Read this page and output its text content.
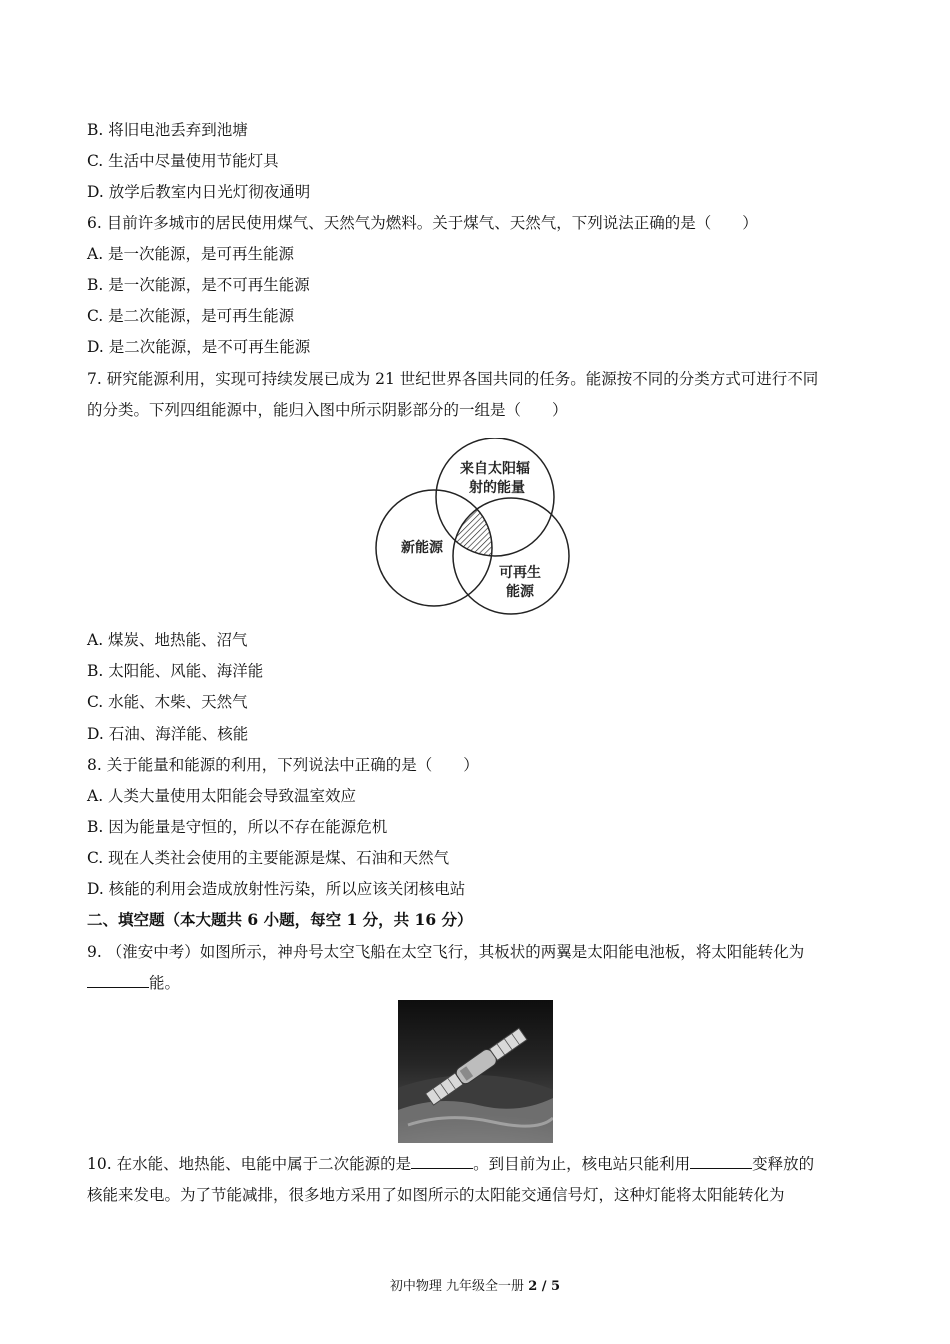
B. 将旧电池丢弃到池塘
C. 生活中尽量使用节能灯具
D. 放学后教室内日光灯彻夜通明
6. 目前许多城市的居民使用煤气、天然气为燃料。关于煤气、天然气，下列说法正确的是（　　）
A. 是一次能源，是可再生能源
B. 是一次能源，是不可再生能源
C. 是二次能源，是可再生能源
D. 是二次能源，是不可再生能源
7. 研究能源利用，实现可持续发展已成为 21 世纪世界各国共同的任务。能源按不同的分类方式可进行不同
的分类。下列四组能源中，能归入图中所示阴影部分的一组是（　　）
来自太阳辐
射的能量
新能源
可再生
能源
A. 煤炭、地热能、沼气
B. 太阳能、风能、海洋能
C. 水能、木柴、天然气
D. 石油、海洋能、核能
8. 关于能量和能源的利用，下列说法中正确的是（　　）
A. 人类大量使用太阳能会导致温室效应
B. 因为能量是守恒的，所以不存在能源危机
C. 现在人类社会使用的主要能源是煤、石油和天然气
D. 核能的利用会造成放射性污染，所以应该关闭核电站
二、填空题（本大题共 6 小题，每空 1 分，共 16 分）
9. （淮安中考）如图所示，神舟号太空飞船在太空飞行，其板状的两翼是太阳能电池板，将太阳能转化为
能。
10. 在水能、地热能、电能中属于二次能源的是	。到目前为止，核电站只能利用	变释放的
核能来发电。为了节能减排，很多地方采用了如图所示的太阳能交通信号灯，这种灯能将太阳能转化为
初中物理 九年级全一册 2 / 5
